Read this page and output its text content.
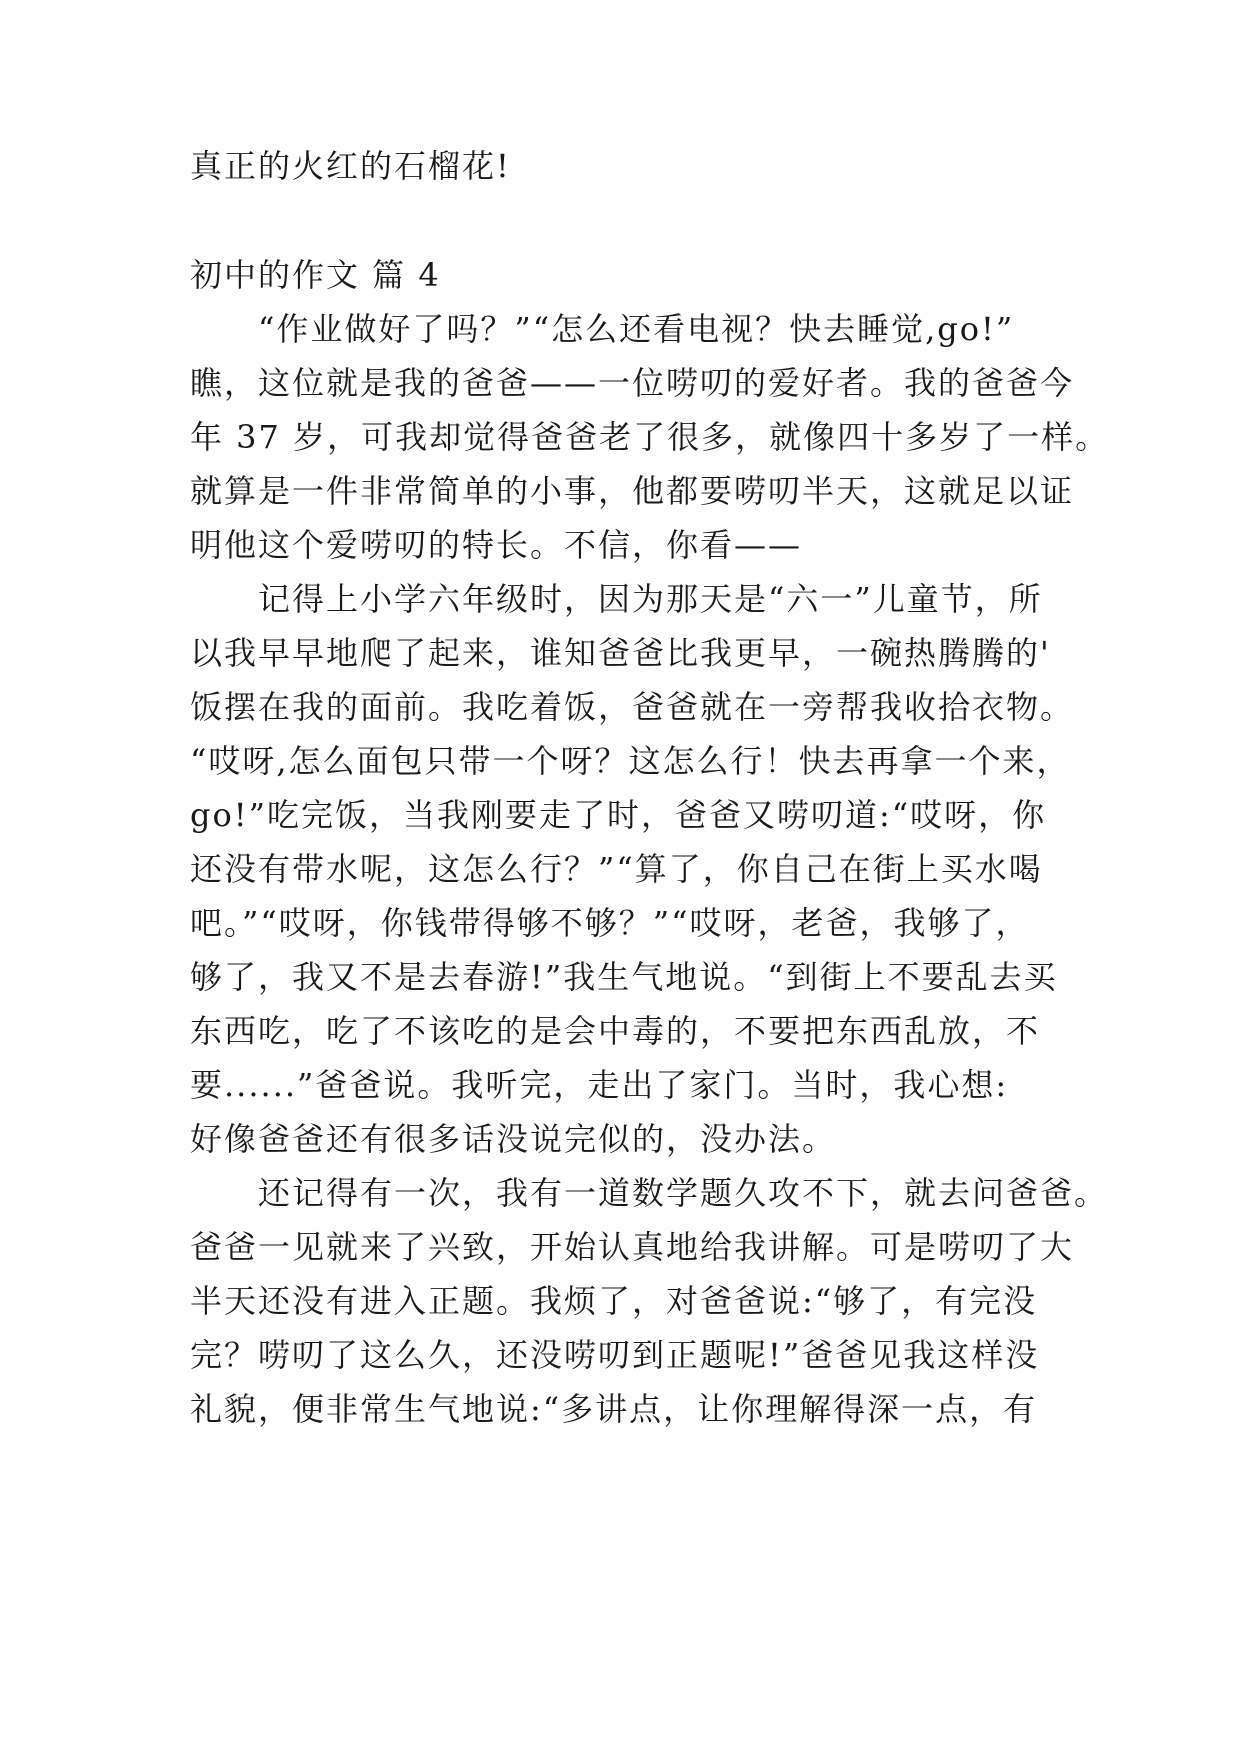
真正的火红的石榴花!
初中的作文 篇 4
“作业做好了吗？”“怎么还看电视？快去睡觉,go!”
瞧，这位就是我的爸爸——一位唠叨的爱好者。我的爸爸今
年 37 岁，可我却觉得爸爸老了很多，就像四十多岁了一样。
就算是一件非常简单的小事，他都要唠叨半天，这就足以证
明他这个爱唠叨的特长。不信，你看——
记得上小学六年级时，因为那天是“六一”儿童节，所
以我早早地爬了起来，谁知爸爸比我更早，一碗热腾腾的'
饭摆在我的面前。我吃着饭，爸爸就在一旁帮我收拾衣物。
“哎呀,怎么面包只带一个呀？这怎么行！快去再拿一个来，
go!”吃完饭，当我刚要走了时，爸爸又唠叨道:“哎呀，你
还没有带水呢，这怎么行？”“算了，你自己在街上买水喝
吧。”“哎呀，你钱带得够不够？”“哎呀，老爸，我够了，
够了，我又不是去春游!”我生气地说。“到街上不要乱去买
东西吃，吃了不该吃的是会中毒的，不要把东西乱放，不
要......”爸爸说。我听完，走出了家门。当时，我心想:
好像爸爸还有很多话没说完似的，没办法。
还记得有一次，我有一道数学题久攻不下，就去问爸爸。
爸爸一见就来了兴致，开始认真地给我讲解。可是唠叨了大
半天还没有进入正题。我烦了，对爸爸说:“够了，有完没
完？唠叨了这么久，还没唠叨到正题呢!”爸爸见我这样没
礼貌，便非常生气地说:“多讲点，让你理解得深一点，有
